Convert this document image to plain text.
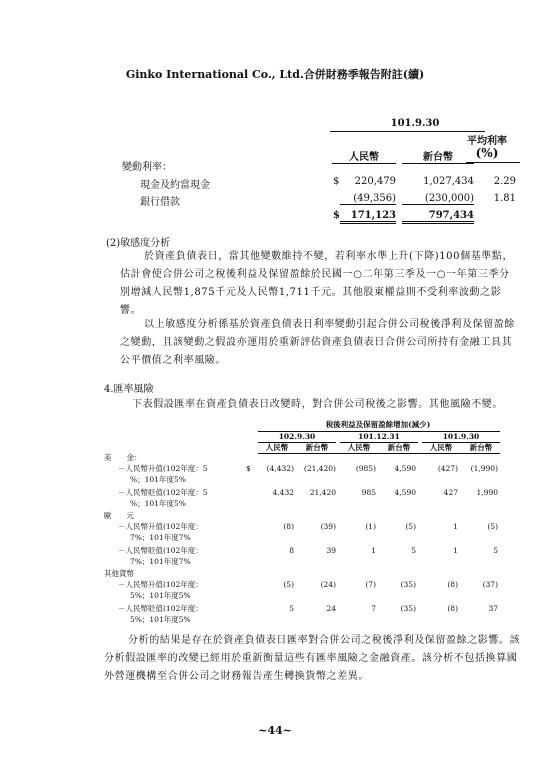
Ginko International Co., Ltd.合併財務季報告附註(續)
101.9.30
平均利率
(%)
人民幣	新台幣
變動利率：
現金及約當現金	$	220,479	1,027,434	2.29
銀行借款	(49,356)	(230,000)	1.81
$	171,123	797,434
(2)敏感度分析

於資產負債表日，當其他變數維持不變，若利率水準上升(下降)100個基準點，估計會使合併公司之稅後利益及保留盈餘於民國一○二年第三季及一○一年第三季分別增減人民幣1,875千元及人民幣1,711千元。其他股東權益則不受利率波動之影響。

以上敏感度分析係基於資產負債表日利率變動引起合併公司稅後淨利及保留盈餘之變動，且該變動之假設亦運用於重新評估資產負債表日合併公司所持有金融工具其公平價值之利率風險。

4.匯率風險

下表假設匯率在資產負債表日改變時，對合併公司稅後之影響。其他風險不變。

稅後利益及保留盈餘增加(減少)
102.9.30	101.12.31	101.9.30
人民幣	新台幣	人民幣	新台幣	人民幣	新台幣
美　　金：
－人民幣升值(102年度：5
%；101年度5%
$	(4,432)	(21,420)	(985)	4,590	(427)	(1,990)
－人民幣貶值(102年度：5
%；101年度5%
4,432	21,420	985	4,590	427	1,990
歐　　元
－人民幣升值(102年度：
7%；101年度7%
(8)	(39)	(1)	(5)	1	(5)
－人民幣貶值(102年度：
7%；101年度7%
8	39	1	5	1	5
其他貨幣
－人民幣升值(102年度：
5%；101年度5%
(5)	(24)	(7)	(35)	(8)	(37)
－人民幣貶值(102年度：
5%；101年度5%
5	24	7	(35)	(8)	37

分析的結果是存在於資產負債表日匯率對合併公司之稅後淨利及保留盈餘之影響。該分析假設匯率的改變已經用於重新衡量這些有匯率風險之金融資產。該分析不包括換算國外營運機構至合併公司之財務報告產生轉換貨幣之差異。

~44~
